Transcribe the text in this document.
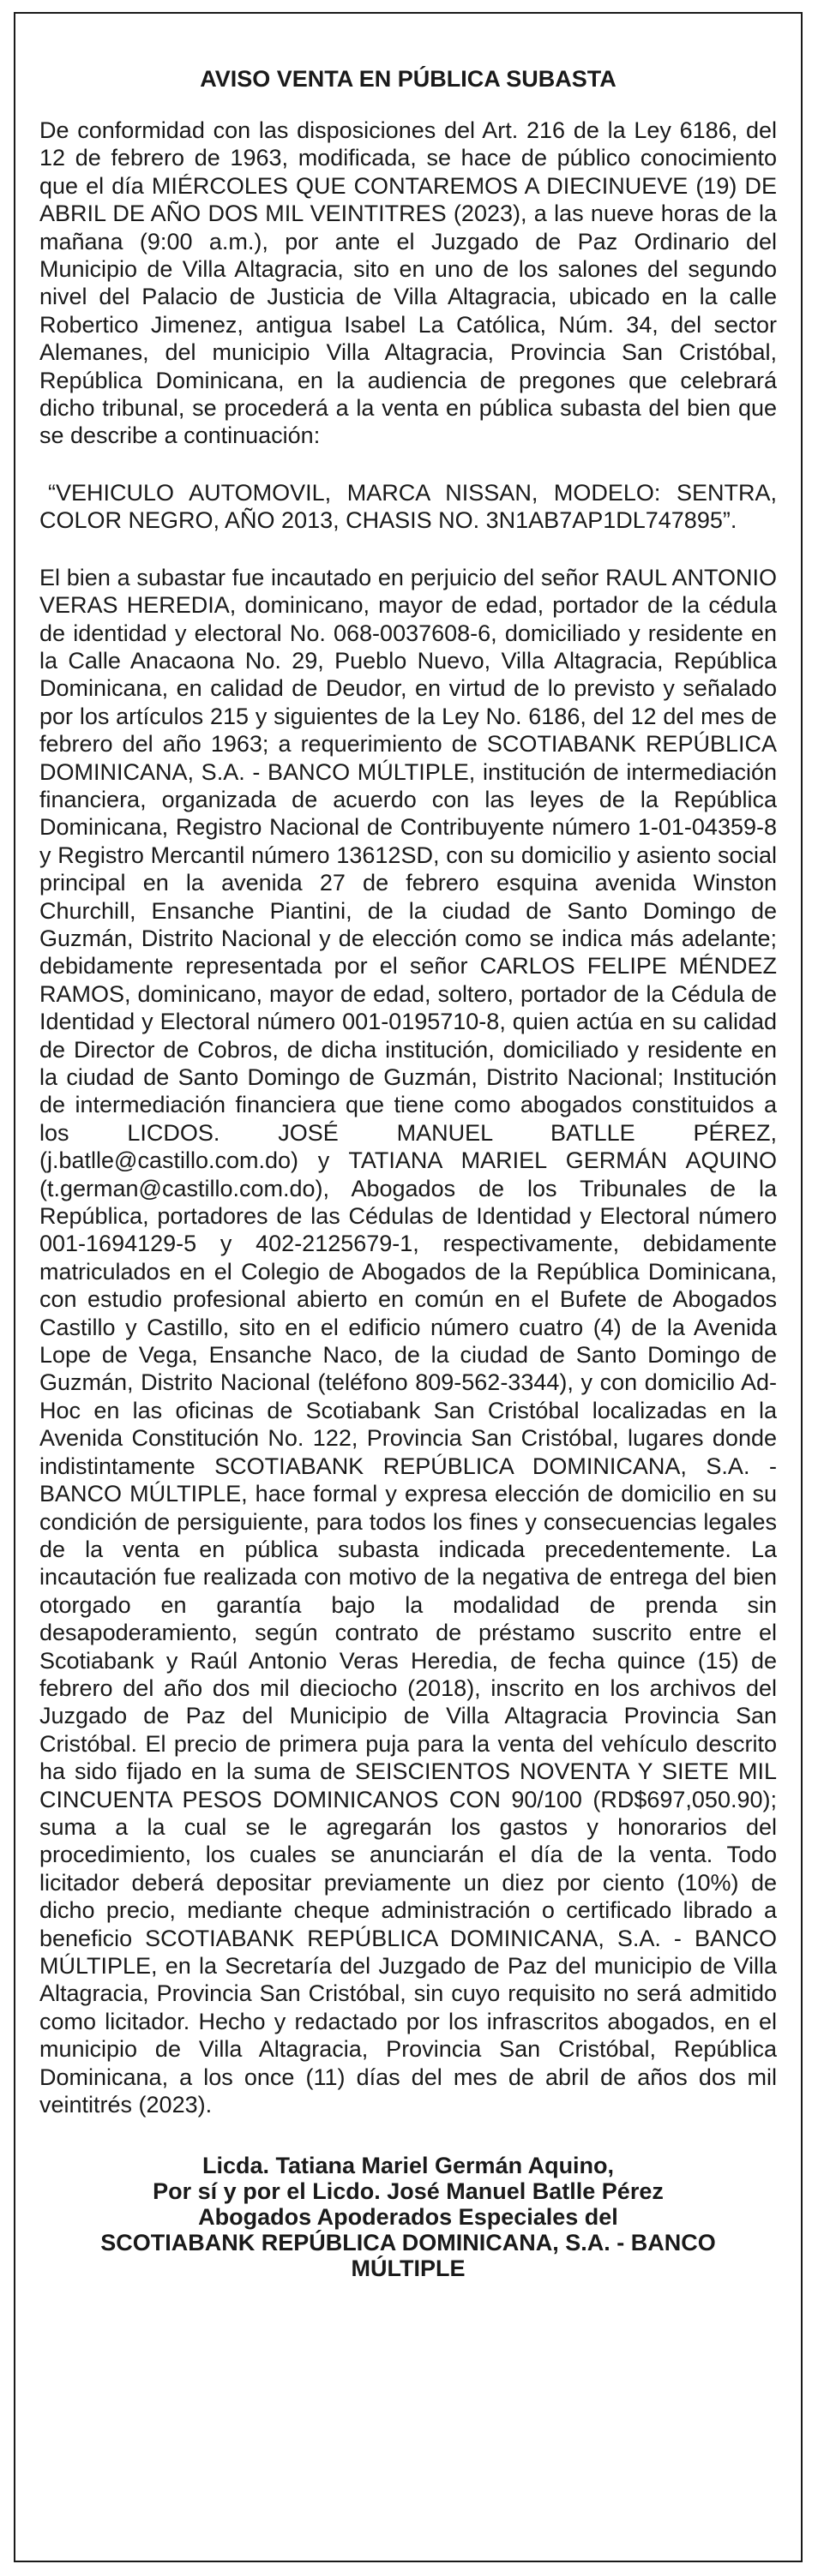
AVISO VENTA EN PÚBLICA SUBASTA

De conformidad con las disposiciones del Art. 216 de la Ley 6186, del 12 de febrero de 1963, modificada, se hace de público conocimiento que el día MIÉRCOLES QUE CONTAREMOS A DIECINUEVE (19) DE ABRIL DE AÑO DOS MIL VEINTITRES (2023), a las nueve horas de la mañana (9:00 a.m.), por ante el Juzgado de Paz Ordinario del Municipio de Villa Altagracia, sito en uno de los salones del segundo nivel del Palacio de Justicia de Villa Altagracia, ubicado en la calle Robertico Jimenez, antigua Isabel La Católica, Núm. 34, del sector Alemanes, del municipio Villa Altagracia, Provincia San Cristóbal, República Dominicana, en la audiencia de pregones que celebrará dicho tribunal, se procederá a la venta en pública subasta del bien que se describe a continuación:

“VEHICULO AUTOMOVIL, MARCA NISSAN, MODELO: SENTRA, COLOR NEGRO, AÑO 2013, CHASIS NO. 3N1AB7AP1DL747895”.

El bien a subastar fue incautado en perjuicio del señor RAUL ANTONIO VERAS HEREDIA, dominicano, mayor de edad, portador de la cédula de identidad y electoral No. 068-0037608-6, domiciliado y residente en la Calle Anacaona No. 29, Pueblo Nuevo, Villa Altagracia, República Dominicana, en calidad de Deudor, en virtud de lo previsto y señalado por los artículos 215 y siguientes de la Ley No. 6186, del 12 del mes de febrero del año 1963; a requerimiento de SCOTIABANK REPÚBLICA DOMINICANA, S.A. - BANCO MÚLTIPLE, institución de intermediación financiera, organizada de acuerdo con las leyes de la República Dominicana, Registro Nacional de Contribuyente número 1-01-04359-8 y Registro Mercantil número 13612SD, con su domicilio y asiento social principal en la avenida 27 de febrero esquina avenida Winston Churchill, Ensanche Piantini, de la ciudad de Santo Domingo de Guzmán, Distrito Nacional y de elección como se indica más adelante; debidamente representada por el señor CARLOS FELIPE MÉNDEZ RAMOS, dominicano, mayor de edad, soltero, portador de la Cédula de Identidad y Electoral número 001-0195710-8, quien actúa en su calidad de Director de Cobros, de dicha institución, domiciliado y residente en la ciudad de Santo Domingo de Guzmán, Distrito Nacional; Institución de intermediación financiera que tiene como abogados constituidos a los LICDOS. JOSÉ MANUEL BATLLE PÉREZ, (j.batlle@castillo.com.do) y TATIANA MARIEL GERMÁN AQUINO (t.german@castillo.com.do), Abogados de los Tribunales de la República, portadores de las Cédulas de Identidad y Electoral número 001-1694129-5 y 402-2125679-1, respectivamente, debidamente matriculados en el Colegio de Abogados de la República Dominicana, con estudio profesional abierto en común en el Bufete de Abogados Castillo y Castillo, sito en el edificio número cuatro (4) de la Avenida Lope de Vega, Ensanche Naco, de la ciudad de Santo Domingo de Guzmán, Distrito Nacional (teléfono 809-562-3344), y con domicilio Ad-Hoc en las oficinas de Scotiabank San Cristóbal localizadas en la Avenida Constitución No. 122, Provincia San Cristóbal, lugares donde indistintamente SCOTIABANK REPÚBLICA DOMINICANA, S.A. - BANCO MÚLTIPLE, hace formal y expresa elección de domicilio en su condición de persiguiente, para todos los fines y consecuencias legales de la venta en pública subasta indicada precedentemente. La incautación fue realizada con motivo de la negativa de entrega del bien otorgado en garantía bajo la modalidad de prenda sin desapoderamiento, según contrato de préstamo suscrito entre el Scotiabank y Raúl Antonio Veras Heredia, de fecha quince (15) de febrero del año dos mil dieciocho (2018), inscrito en los archivos del Juzgado de Paz del Municipio de Villa Altagracia Provincia San Cristóbal. El precio de primera puja para la venta del vehículo descrito ha sido fijado en la suma de SEISCIENTOS NOVENTA Y SIETE MIL CINCUENTA PESOS DOMINICANOS CON 90/100 (RD$697,050.90); suma a la cual se le agregarán los gastos y honorarios del procedimiento, los cuales se anunciarán el día de la venta. Todo licitador deberá depositar previamente un diez por ciento (10%) de dicho precio, mediante cheque administración o certificado librado a beneficio SCOTIABANK REPÚBLICA DOMINICANA, S.A. - BANCO MÚLTIPLE, en la Secretaría del Juzgado de Paz del municipio de Villa Altagracia, Provincia San Cristóbal, sin cuyo requisito no será admitido como licitador. Hecho y redactado por los infrascritos abogados, en el municipio de Villa Altagracia, Provincia San Cristóbal, República Dominicana, a los once (11) días del mes de abril de años dos mil veintitrés (2023).

Licda. Tatiana Mariel Germán Aquino,
Por sí y por el Licdo. José Manuel Batlle Pérez
Abogados Apoderados Especiales del
SCOTIABANK REPÚBLICA DOMINICANA, S.A. - BANCO
MÚLTIPLE
